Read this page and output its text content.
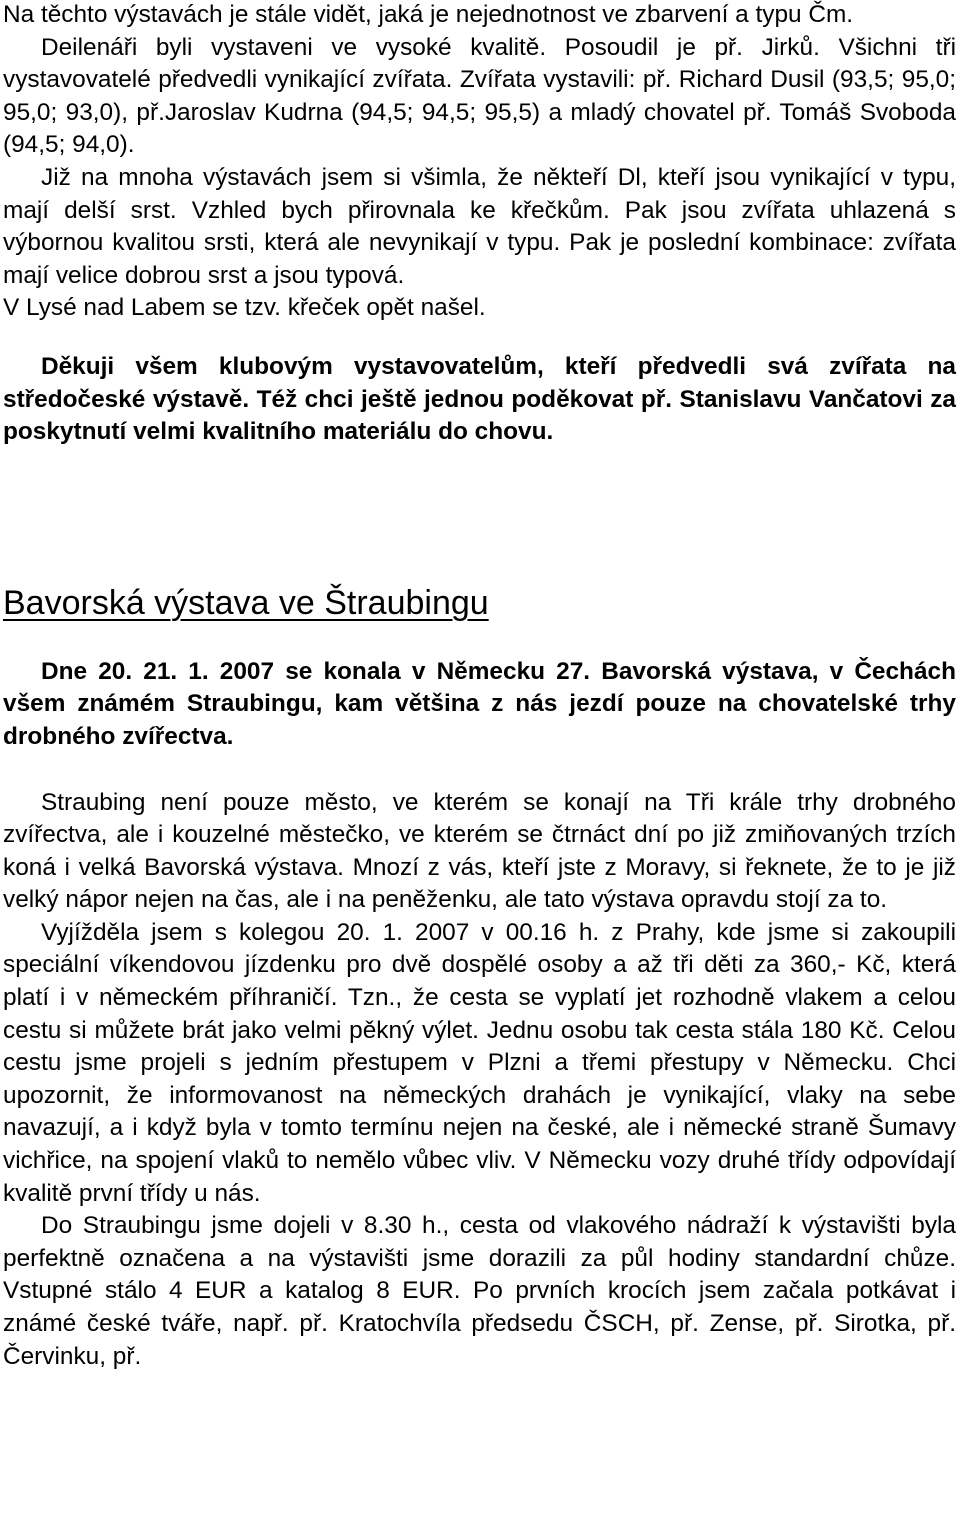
Na těchto výstavách je stále vidět, jaká je nejednotnost ve zbarvení a typu Čm.

Deilenáři byli vystaveni ve vysoké kvalitě. Posoudil je př. Jirků. Všichni tři vystavovatelé předvedli vynikající zvířata. Zvířata vystavili: př. Richard Dusil (93,5; 95,0; 95,0; 93,0), př.Jaroslav Kudrna (94,5; 94,5; 95,5) a mladý chovatel př. Tomáš Svoboda (94,5; 94,0).

Již na mnoha výstavách jsem si všimla, že někteří Dl, kteří jsou vynikající v typu, mají delší srst. Vzhled bych přirovnala ke křečkům. Pak jsou zvířata uhlazená s výbornou kvalitou srsti, která ale nevynikají v typu. Pak je poslední kombinace: zvířata mají velice dobrou srst a jsou typová.

V Lysé nad Labem se tzv. křeček opět našel.

Děkuji všem klubovým vystavovatelům, kteří předvedli svá zvířata na středočeské výstavě. Též chci ještě jednou poděkovat př. Stanislavu Vančatovi za poskytnutí velmi kvalitního materiálu do chovu.

Bavorská výstava ve Štraubingu

Dne 20. 21. 1. 2007 se konala v Německu 27. Bavorská výstava, v Čechách všem známém Straubingu, kam většina z nás jezdí pouze na chovatelské trhy drobného zvířectva.

Straubing není pouze město, ve kterém se konají na Tři krále trhy drobného zvířectva, ale i kouzelné městečko, ve kterém se čtrnáct dní po již zmiňovaných trzích koná i velká Bavorská výstava. Mnozí z vás, kteří jste z Moravy, si řeknete, že to je již velký nápor nejen na čas, ale i na peněženku, ale tato výstava opravdu stojí za to.

Vyjížděla jsem s kolegou 20. 1. 2007 v 00.16 h. z Prahy, kde jsme si zakoupili speciální víkendovou jízdenku pro dvě dospělé osoby a až tři děti za 360,- Kč, která platí i v německém příhraničí. Tzn., že cesta se vyplatí jet rozhodně vlakem a celou cestu si můžete brát jako velmi pěkný výlet. Jednu osobu tak cesta stála 180 Kč. Celou cestu jsme projeli s jedním přestupem v Plzni a třemi přestupy v Německu. Chci upozornit, že informovanost na německých drahách je vynikající, vlaky na sebe navazují, a i když byla v tomto termínu nejen na české, ale i německé straně Šumavy vichřice, na spojení vlaků to nemělo vůbec vliv. V Německu vozy druhé třídy odpovídají kvalitě první třídy u nás.

Do Straubingu jsme dojeli v 8.30 h., cesta od vlakového nádraží k výstavišti byla perfektně označena a na výstavišti jsme dorazili za půl hodiny standardní chůze. Vstupné stálo 4 EUR a katalog 8 EUR. Po prvních krocích jsem začala potkávat i známé české tváře, např. př. Kratochvíla předsedu ČSCH, př. Zense, př. Sirotka, př. Červinku, př.
